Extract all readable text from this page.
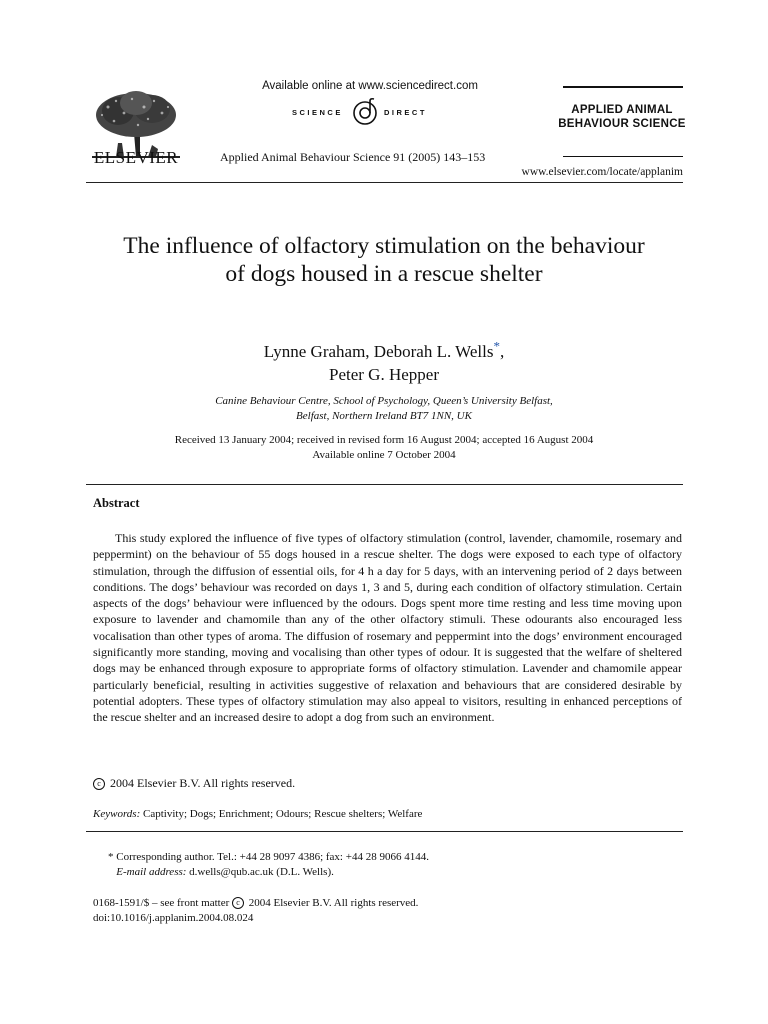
ELSEVIER
Available online at www.sciencedirect.com
SCIENCE	DIRECT
Applied Animal Behaviour Science 91 (2005) 143–153
APPLIED ANIMAL BEHAVIOUR SCIENCE
www.elsevier.com/locate/applanim
The influence of olfactory stimulation on the behaviour of dogs housed in a rescue shelter
Lynne Graham, Deborah L. Wells*,
Peter G. Hepper
Canine Behaviour Centre, School of Psychology, Queen’s University Belfast,
Belfast, Northern Ireland BT7 1NN, UK
Received 13 January 2004; received in revised form 16 August 2004; accepted 16 August 2004
Available online 7 October 2004
Abstract

This study explored the influence of five types of olfactory stimulation (control, lavender, chamomile, rosemary and peppermint) on the behaviour of 55 dogs housed in a rescue shelter. The dogs were exposed to each type of olfactory stimulation, through the diffusion of essential oils, for 4 h a day for 5 days, with an intervening period of 2 days between conditions. The dogs’ behaviour was recorded on days 1, 3 and 5, during each condition of olfactory stimulation. Certain aspects of the dogs’ behaviour were influenced by the odours. Dogs spent more time resting and less time moving upon exposure to lavender and chamomile than any of the other olfactory stimuli. These odourants also encouraged less vocalisation than other types of aroma. The diffusion of rosemary and peppermint into the dogs’ environment encouraged significantly more standing, moving and vocalising than other types of odour. It is suggested that the welfare of sheltered dogs may be enhanced through exposure to appropriate forms of olfactory stimulation. Lavender and chamomile appear particularly beneficial, resulting in activities suggestive of relaxation and behaviours that are considered desirable by potential adopters. These types of olfactory stimulation may also appeal to visitors, resulting in enhanced perceptions of the rescue shelter and an increased desire to adopt a dog from such an environment.

c 2004 Elsevier B.V. All rights reserved.
Keywords: Captivity; Dogs; Enrichment; Odours; Rescue shelters; Welfare
* Corresponding author. Tel.: +44 28 9097 4386; fax: +44 28 9066 4144.
E-mail address: d.wells@qub.ac.uk (D.L. Wells).
0168-1591/$ – see front matter c 2004 Elsevier B.V. All rights reserved.
doi:10.1016/j.applanim.2004.08.024
